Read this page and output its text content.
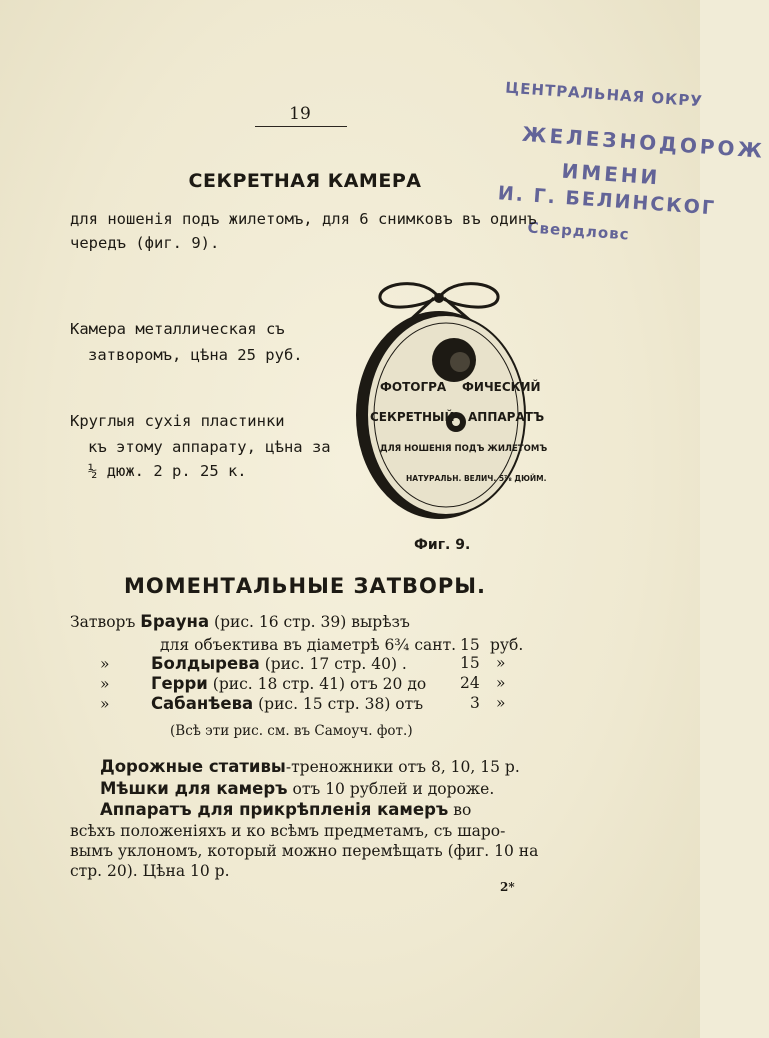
19
ЦЕНТРАЛЬНАЯ ОКРУ
ЖЕЛЕЗНОДОРОЖ
ИМЕНИ
И. Г. БЕЛИНСКОГ
Свердловс
СЕКРЕТНАЯ КАМЕРА
для ношенія подъ жилетомъ, для 6 снимковъ въ одинъ
чередъ (фиг. 9).
Камера металлическая съ
затворомъ, цѣна 25 руб.
Круглыя сухія пластинки
къ этому аппарату, цѣна за
½ дюж. 2 р. 25 к.
ФОТОГРА ФИЧЕСКИЙ
СЕКРЕТНЫЙ АППАРАТЪ
ДЛЯ НОШЕНІЯ ПОДЪ ЖИЛЕТОМЪ
НАТУРАЛЬН. ВЕЛИЧ. 5⅞ ДЮЙМ.
Фиг. 9.
МОМЕНТАЛЬНЫЕ ЗАТВОРЫ.
Затворъ Брауна (рис. 16 стр. 39) вырѣзъ
для объектива въ діаметрѣ 6¾ сант. 15 руб.
»	Болдырева (рис. 17 стр. 40) .	15 »
»	Герри (рис. 18 стр. 41) отъ 20 до 24 »
»	Сабанѣева (рис. 15 стр. 38) отъ	3 »
(Всѣ эти рис. см. въ Самоуч. фот.)
Дорожные стативы-треножники отъ 8, 10, 15 р.
Мѣшки для камеръ отъ 10 рублей и дороже.
Аппаратъ для прикрѣпленія камеръ во
всѣхъ положеніяхъ и ко всѣмъ предметамъ, съ шаро-
вымъ уклономъ, который можно перемѣщать (фиг. 10 на
стр. 20). Цѣна 10 р.
2*
